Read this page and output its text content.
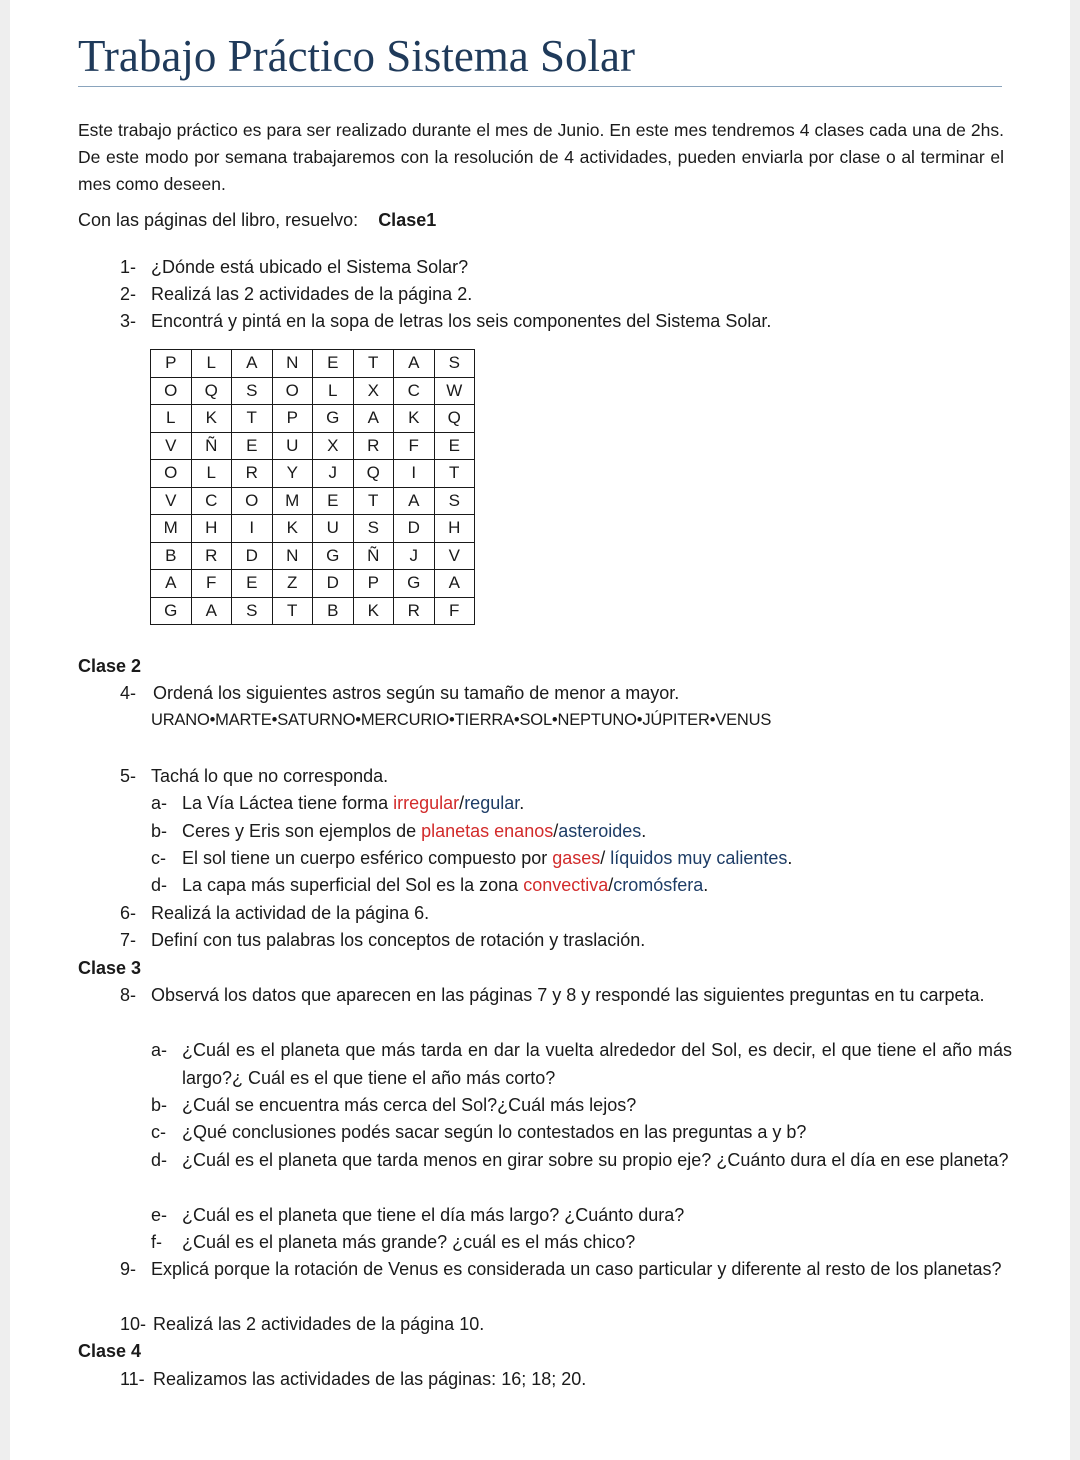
Trabajo Práctico Sistema Solar
Este trabajo práctico es para ser realizado durante el mes de Junio. En este mes tendremos 4 clases cada una de 2hs. De este modo por semana trabajaremos con la resolución de 4 actividades, pueden enviarla por clase o al terminar el mes como deseen.
Con las páginas del libro, resuelvo: Clase1
1- ¿Dónde está ubicado el Sistema Solar?
2- Realizá las 2 actividades de la página 2.
3- Encontrá y pintá en la sopa de letras los seis componentes del Sistema Solar.
P	L	A	N	E	T	A	S
O	Q	S	O	L	X	C	W
L	K	T	P	G	A	K	Q
V	Ñ	E	U	X	R	F	E
O	L	R	Y	J	Q	I	T
V	C	O	M	E	T	A	S
M	H	I	K	U	S	D	H
B	R	D	N	G	Ñ	J	V
A	F	E	Z	D	P	G	A
G	A	S	T	B	K	R	F
Clase 2
4- Ordená los siguientes astros según su tamaño de menor a mayor.
URANO•MARTE•SATURNO•MERCURIO•TIERRA•SOL•NEPTUNO•JÚPITER•VENUS
5- Tachá lo que no corresponda.
a- La Vía Láctea tiene forma irregular/regular.
b- Ceres y Eris son ejemplos de planetas enanos/asteroides.
c- El sol tiene un cuerpo esférico compuesto por gases/ líquidos muy calientes.
d- La capa más superficial del Sol es la zona convectiva/cromósfera.
6- Realizá la actividad de la página 6.
7- Definí con tus palabras los conceptos de rotación y traslación.
Clase 3
8- Observá los datos que aparecen en las páginas 7 y 8 y respondé las siguientes preguntas en tu carpeta.
a- ¿Cuál es el planeta que más tarda en dar la vuelta alrededor del Sol, es decir, el que tiene el año más largo?¿ Cuál es el que tiene el año más corto?
b- ¿Cuál se encuentra más cerca del Sol?¿Cuál más lejos?
c- ¿Qué conclusiones podés sacar según lo contestados en las preguntas a y b?
d- ¿Cuál es el planeta que tarda menos en girar sobre su propio eje? ¿Cuánto dura el día en ese planeta?
e- ¿Cuál es el planeta que tiene el día más largo? ¿Cuánto dura?
f- ¿Cuál es el planeta más grande? ¿cuál es el más chico?
9- Explicá porque la rotación de Venus es considerada un caso particular y diferente al resto de los planetas?
10- Realizá las 2 actividades de la página 10.
Clase 4
11- Realizamos las actividades de las páginas: 16; 18; 20.
